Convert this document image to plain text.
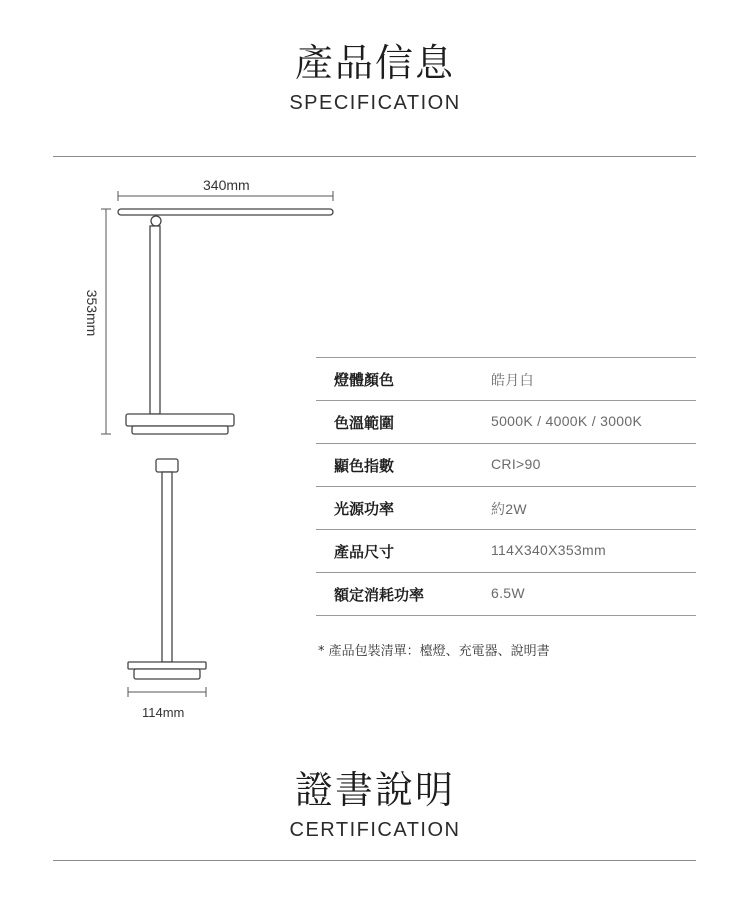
產品信息
SPECIFICATION
340mm
353mm
114mm
燈體顏色	皓月白
色溫範圍	5000K / 4000K / 3000K
顯色指數	CRI>90
光源功率	約2W
產品尺寸	114X340X353mm
額定消耗功率	6.5W
* 產品包裝清單：檯燈、充電器、說明書
證書說明
CERTIFICATION
